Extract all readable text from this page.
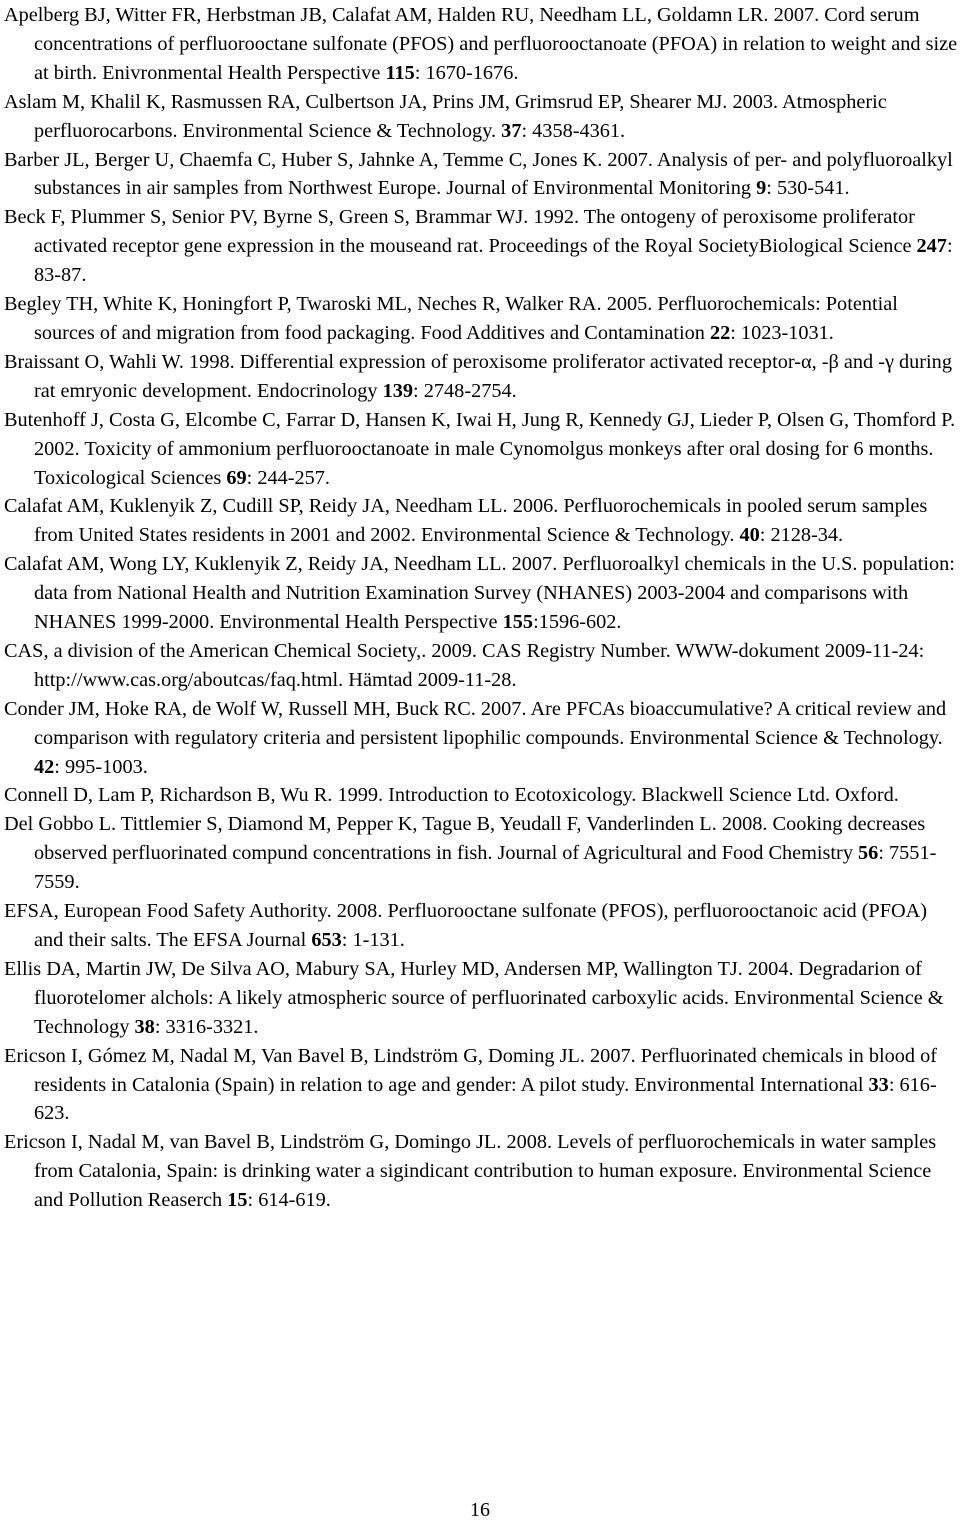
Apelberg BJ, Witter FR, Herbstman JB, Calafat AM, Halden RU, Needham LL, Goldamn LR. 2007. Cord serum concentrations of perfluorooctane sulfonate (PFOS) and perfluorooctanoate (PFOA) in relation to weight and size at birth. Enivronmental Health Perspective 115: 1670-1676.

Aslam M, Khalil K, Rasmussen RA, Culbertson JA, Prins JM, Grimsrud EP, Shearer MJ. 2003. Atmospheric perfluorocarbons. Environmental Science & Technology. 37: 4358-4361.

Barber JL, Berger U, Chaemfa C, Huber S, Jahnke A, Temme C, Jones K. 2007. Analysis of per- and polyfluoroalkyl substances in air samples from Northwest Europe. Journal of Environmental Monitoring 9: 530-541.

Beck F, Plummer S, Senior PV, Byrne S, Green S, Brammar WJ. 1992. The ontogeny of peroxisome proliferator activated receptor gene expression in the mouseand rat. Proceedings of the Royal SocietyBiological Science 247: 83-87.

Begley TH, White K, Honingfort P, Twaroski ML, Neches R, Walker RA. 2005. Perfluorochemicals: Potential sources of and migration from food packaging. Food Additives and Contamination 22: 1023-1031.

Braissant O, Wahli W. 1998. Differential expression of peroxisome proliferator activated receptor-α, -β and -γ during rat emryonic development. Endocrinology 139: 2748-2754.

Butenhoff J, Costa G, Elcombe C, Farrar D, Hansen K, Iwai H, Jung R, Kennedy GJ, Lieder P, Olsen G, Thomford P. 2002. Toxicity of ammonium perfluorooctanoate in male Cynomolgus monkeys after oral dosing for 6 months. Toxicological Sciences 69: 244-257.

Calafat AM, Kuklenyik Z, Cudill SP, Reidy JA, Needham LL. 2006. Perfluorochemicals in pooled serum samples from United States residents in 2001 and 2002. Environmental Science & Technology. 40: 2128-34.

Calafat AM, Wong LY, Kuklenyik Z, Reidy JA, Needham LL. 2007. Perfluoroalkyl chemicals in the U.S. population: data from National Health and Nutrition Examination Survey (NHANES) 2003-2004 and comparisons with NHANES 1999-2000. Environmental Health Perspective 155:1596-602.

CAS, a division of the American Chemical Society,. 2009. CAS Registry Number. WWW-dokument 2009-11-24: http://www.cas.org/aboutcas/faq.html. Hämtad 2009-11-28.

Conder JM, Hoke RA, de Wolf W, Russell MH, Buck RC. 2007. Are PFCAs bioaccumulative? A critical review and comparison with regulatory criteria and persistent lipophilic compounds. Environmental Science & Technology. 42: 995-1003.

Connell D, Lam P, Richardson B, Wu R. 1999. Introduction to Ecotoxicology. Blackwell Science Ltd. Oxford.

Del Gobbo L. Tittlemier S, Diamond M, Pepper K, Tague B, Yeudall F, Vanderlinden L. 2008. Cooking decreases observed perfluorinated compund concentrations in fish. Journal of Agricultural and Food Chemistry 56: 7551-7559.

EFSA, European Food Safety Authority. 2008. Perfluorooctane sulfonate (PFOS), perfluorooctanoic acid (PFOA) and their salts. The EFSA Journal 653: 1-131.

Ellis DA, Martin JW, De Silva AO, Mabury SA, Hurley MD, Andersen MP, Wallington TJ. 2004. Degradarion of fluorotelomer alchols: A likely atmospheric source of perfluorinated carboxylic acids. Environmental Science & Technology 38: 3316-3321.

Ericson I, Gómez M, Nadal M, Van Bavel B, Lindström G, Doming JL. 2007. Perfluorinated chemicals in blood of residents in Catalonia (Spain) in relation to age and gender: A pilot study. Environmental International 33: 616-623.

Ericson I, Nadal M, van Bavel B, Lindström G, Domingo JL. 2008. Levels of perfluorochemicals in water samples from Catalonia, Spain: is drinking water a sigindicant contribution to human exposure. Environmental Science and Pollution Reaserch 15: 614-619.

16
